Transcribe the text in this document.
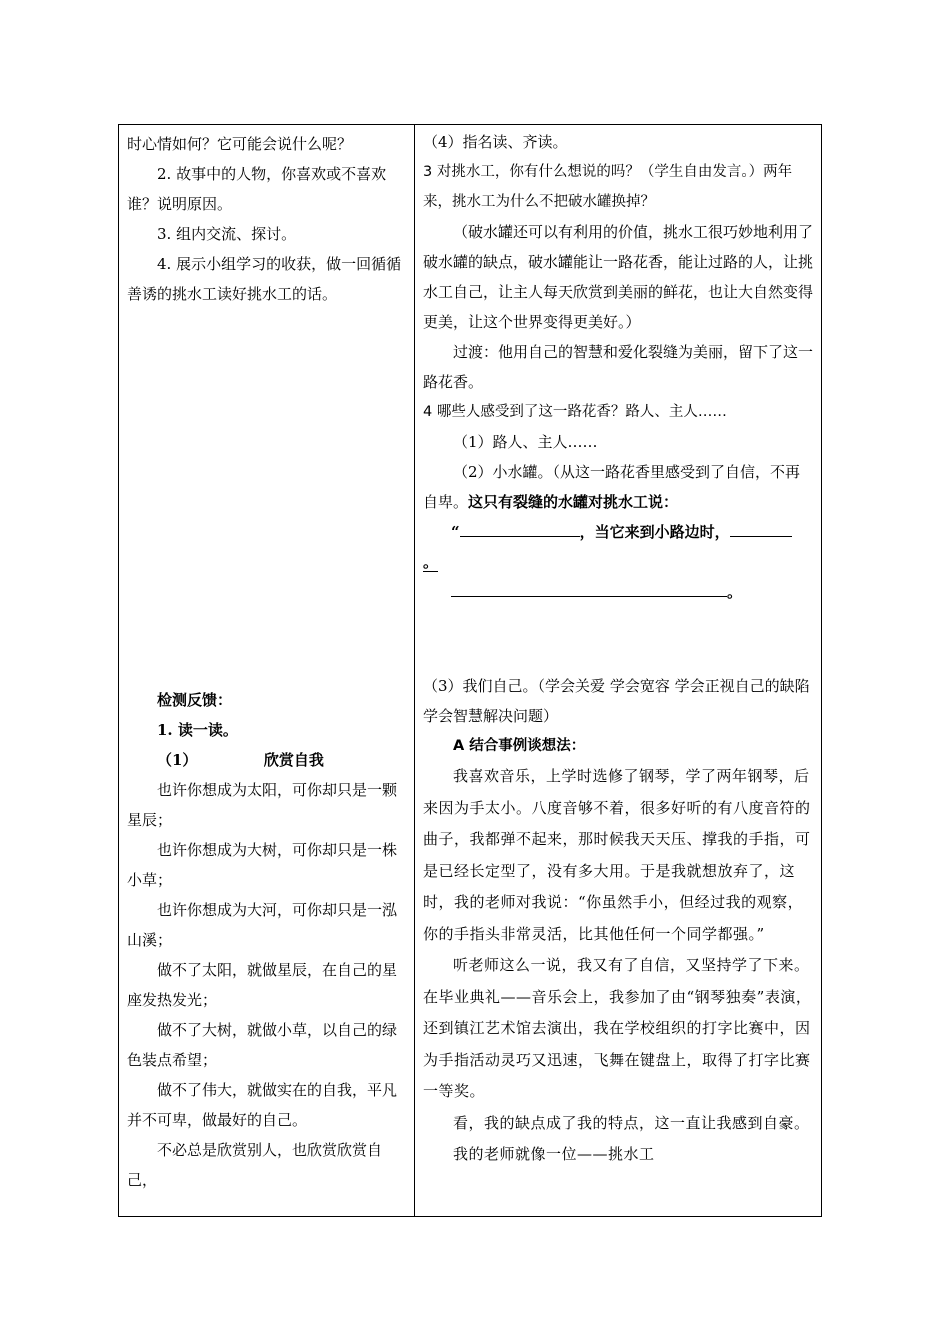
时心情如何？它可能会说什么呢？

2. 故事中的人物，你喜欢或不喜欢谁？说明原因。

3. 组内交流、探讨。

4. 展示小组学习的收获，做一回循循善诱的挑水工读好挑水工的话。

检测反馈：

1. 读一读。

（1）	欣赏自我

也许你想成为太阳，可你却只是一颗星辰；

也许你想成为大树，可你却只是一株小草；

也许你想成为大河，可你却只是一泓山溪；

做不了太阳，就做星辰，在自己的星座发热发光；

做不了大树，就做小草，以自己的绿色装点希望；

做不了伟大，就做实在的自我，平凡并不可卑，做最好的自己。

不必总是欣赏别人，也欣赏欣赏自己，

（4）指名读、齐读。

3 对挑水工，你有什么想说的吗？（学生自由发言。）两年来，挑水工为什么不把破水罐换掉？

（破水罐还可以有利用的价值，挑水工很巧妙地利用了破水罐的缺点，破水罐能让一路花香，能让过路的人，让挑水工自己，让主人每天欣赏到美丽的鲜花，也让大自然变得更美，让这个世界变得更美好。）

过渡：他用自己的智慧和爱化裂缝为美丽，留下了这一路花香。

4 哪些人感受到了这一路花香？路人、主人……

（1）路人、主人……

（2）小水罐。（从这一路花香里感受到了自信，不再自卑。这只有裂缝的水罐对挑水工说：

“	，当它来到小路边时，

。

。

（3）我们自己。（学会关爱 学会宽容 学会正视自己的缺陷 学会智慧解决问题）

A 结合事例谈想法：

我喜欢音乐，上学时选修了钢琴，学了两年钢琴，后来因为手太小。八度音够不着，很多好听的有八度音符的曲子，我都弹不起来，那时候我天天压、撑我的手指，可是已经长定型了，没有多大用。于是我就想放弃了，这时，我的老师对我说：“你虽然手小，但经过我的观察，你的手指头非常灵活，比其他任何一个同学都强。”

听老师这么一说，我又有了自信，又坚持学了下来。在毕业典礼——音乐会上，我参加了由“钢琴独奏”表演，还到镇江艺术馆去演出，我在学校组织的打字比赛中，因为手指活动灵巧又迅速，飞舞在键盘上，取得了打字比赛一等奖。

看，我的缺点成了我的特点，这一直让我感到自豪。

我的老师就像一位——挑水工
